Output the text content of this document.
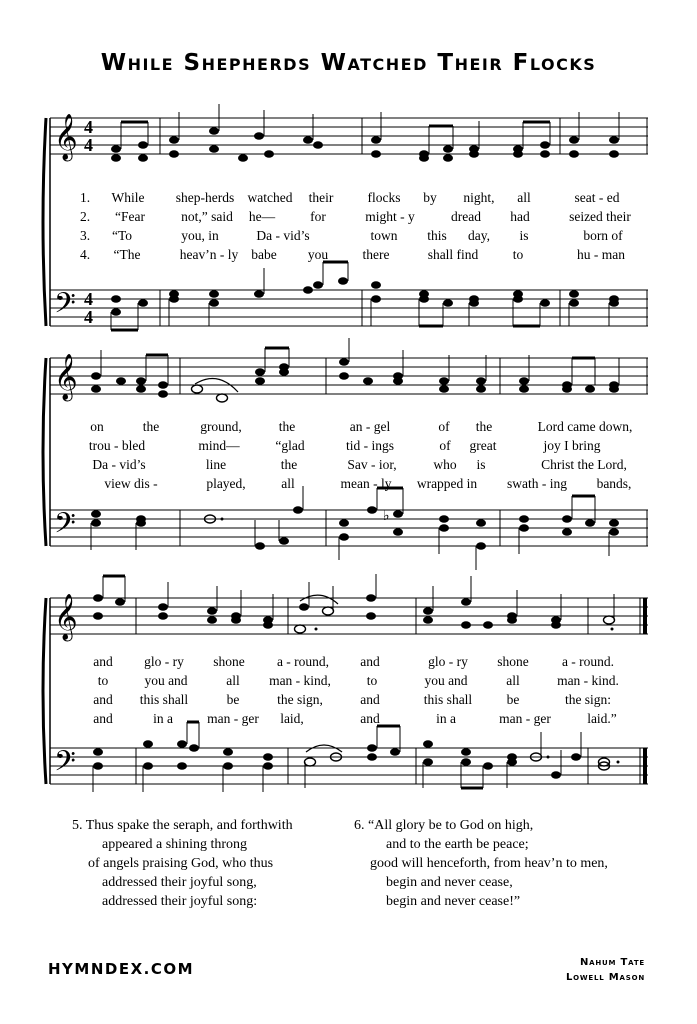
While Shepherds Watched Their Flocks
𝄞
𝄢
4
4
4
4
𝄞
𝄢	♭
𝄞
𝄢
1.
2.
3.
4.
While shep-herds watched their	flocks by night, all	seat - ed
“Fear	not,” said he—	for	might - y	dread had	seized their
“To	you, in	Da - vid’s	town this day, is	born of
“The	heav’n - ly babe you	there	shall find	to	hu - man
on	the	ground,	the	an - gel	of the	Lord came down,
trou - bled	mind—	“glad	tid - ings	of great	joy I bring
Da - vid’s	line	the	Sav - ior,	who is	Christ the Lord,
view dis -	played,	all	mean - ly wrapped in swath - ing bands,
and glo - ry shone a - round, and	glo - ry shone a - round.
to	you and	all man - kind,	to	you and	all	man - kind.
and this shall	be	the sign,	and	this shall	be	the sign:
and	in a	man - ger laid,	and	in a	man - ger	laid.”
5. Thus spake the seraph, and forthwith
appeared a shining throng
of angels praising God, who thus
addressed their joyful song,
addressed their joyful song:
6. “All glory be to God on high,
and to the earth be peace;
good will henceforth, from heav’n to men,
begin and never cease,
begin and never cease!”
HYMNDEX.COM	Nahum Tate
Lowell Mason
